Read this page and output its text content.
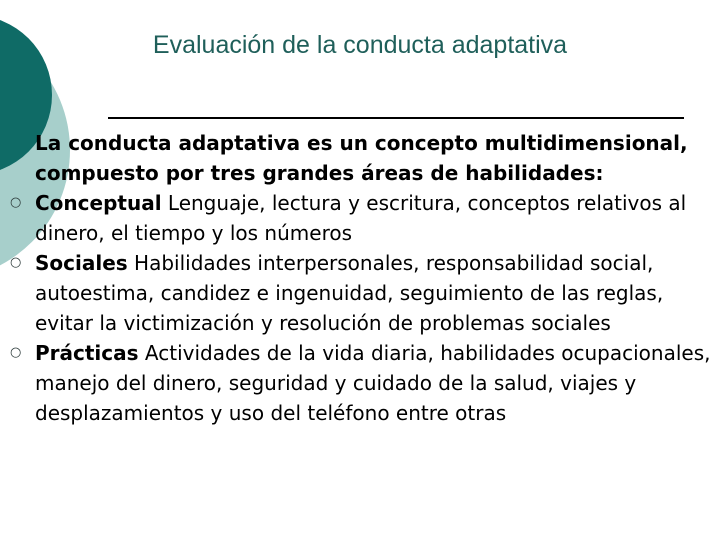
Evaluación de la conducta adaptativa

La conducta adaptativa es un concepto multidimensional, compuesto por tres grandes áreas de habilidades:

○ Conceptual Lenguaje, lectura y escritura, conceptos relativos al dinero, el tiempo y los números
○ Sociales Habilidades interpersonales, responsabilidad social, autoestima, candidez e ingenuidad, seguimiento de las reglas, evitar la victimización y resolución de problemas sociales
○ Prácticas Actividades de la vida diaria, habilidades ocupacionales, manejo del dinero, seguridad y cuidado de la salud, viajes y desplazamientos y uso del teléfono entre otras
